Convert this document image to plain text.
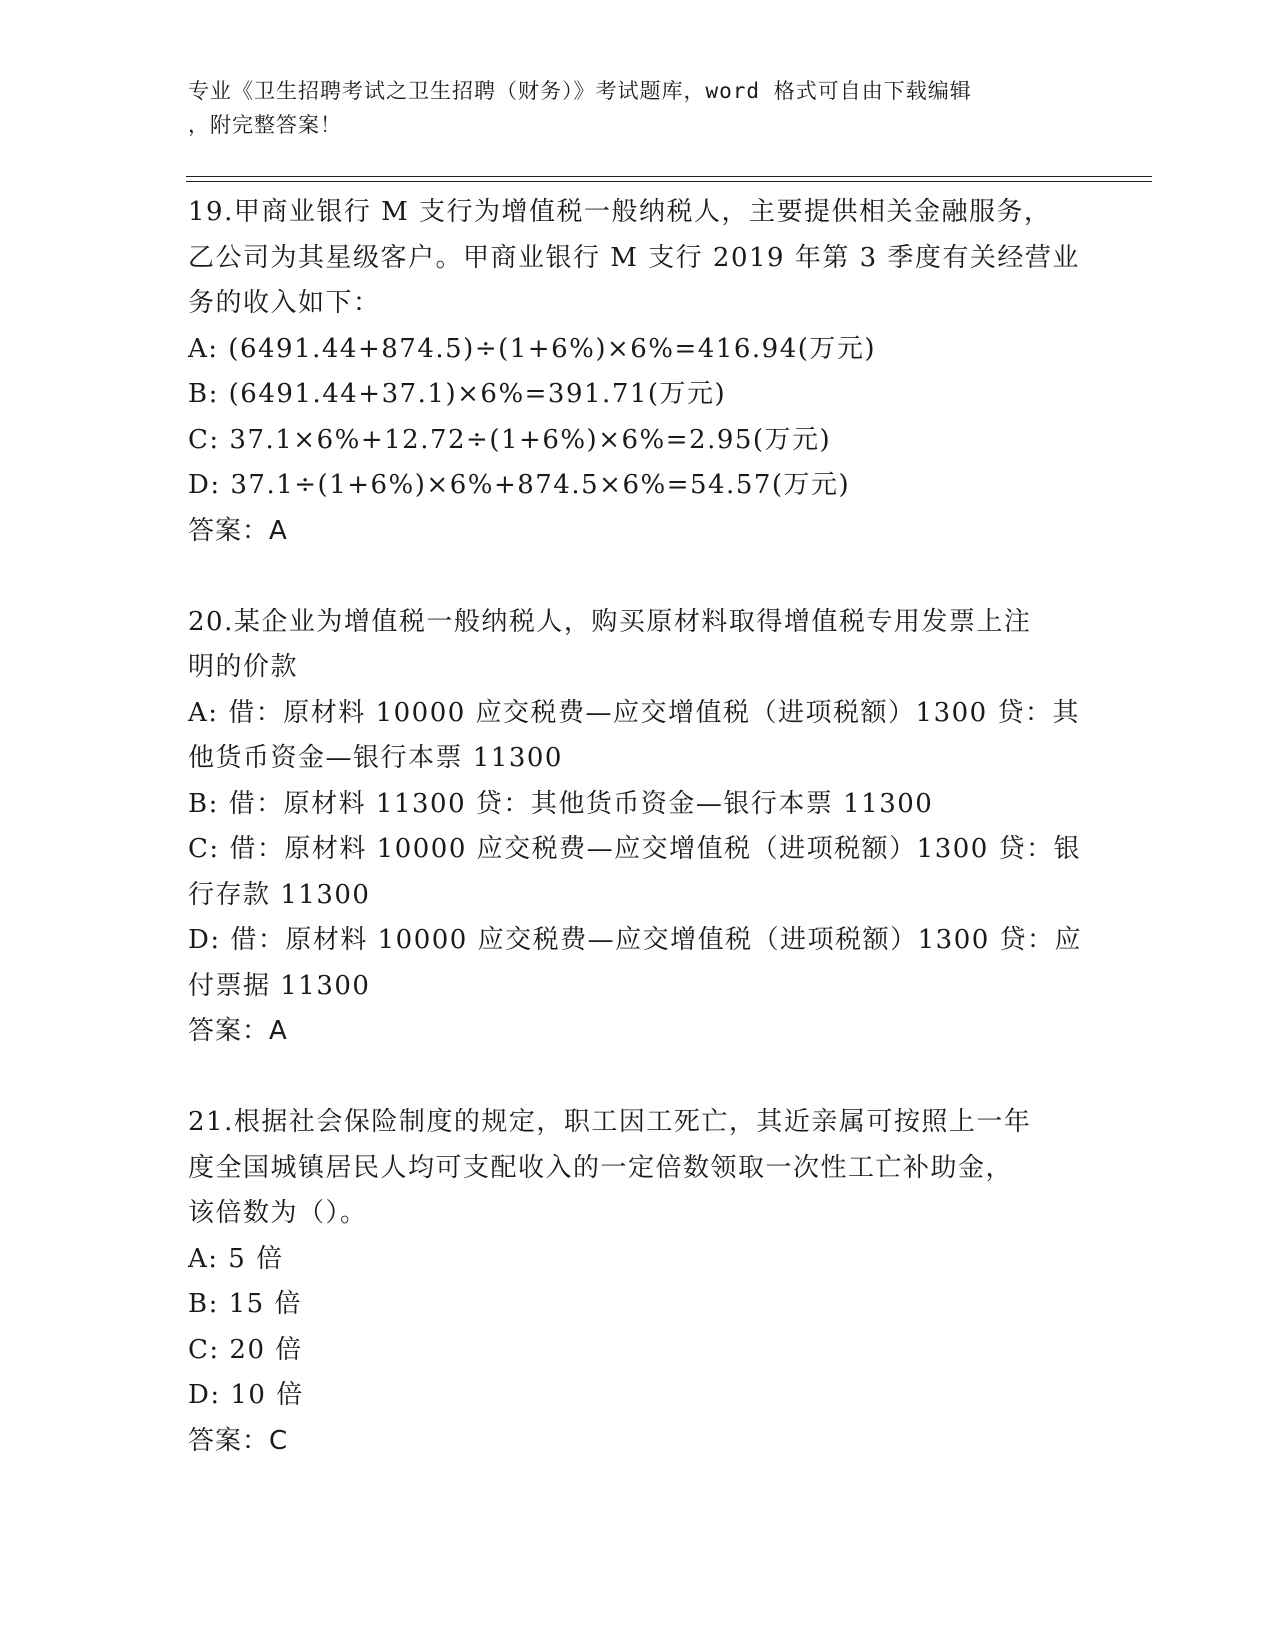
专业《卫生招聘考试之卫生招聘（财务）》考试题库，word 格式可自由下载编辑
，附完整答案！
19.甲商业银行 M 支行为增值税一般纳税人，主要提供相关金融服务，
乙公司为其星级客户。甲商业银行 M 支行 2019 年第 3 季度有关经营业
务的收入如下：
A: (6491.44+874.5)÷(1+6%)×6%=416.94(万元)
B: (6491.44+37.1)×6%=391.71(万元)
C: 37.1×6%+12.72÷(1+6%)×6%=2.95(万元)
D: 37.1÷(1+6%)×6%+874.5×6%=54.57(万元)
答案：A
20.某企业为增值税一般纳税人，购买原材料取得增值税专用发票上注
明的价款
A: 借：原材料 10000 应交税费—应交增值税（进项税额）1300 贷：其
他货币资金—银行本票 11300
B: 借：原材料 11300 贷：其他货币资金—银行本票 11300
C: 借：原材料 10000 应交税费—应交增值税（进项税额）1300 贷：银
行存款 11300
D: 借：原材料 10000 应交税费—应交增值税（进项税额）1300 贷：应
付票据 11300
答案：A
21.根据社会保险制度的规定，职工因工死亡，其近亲属可按照上一年
度全国城镇居民人均可支配收入的一定倍数领取一次性工亡补助金，
该倍数为（）。
A: 5 倍
B: 15 倍
C: 20 倍
D: 10 倍
答案：C
